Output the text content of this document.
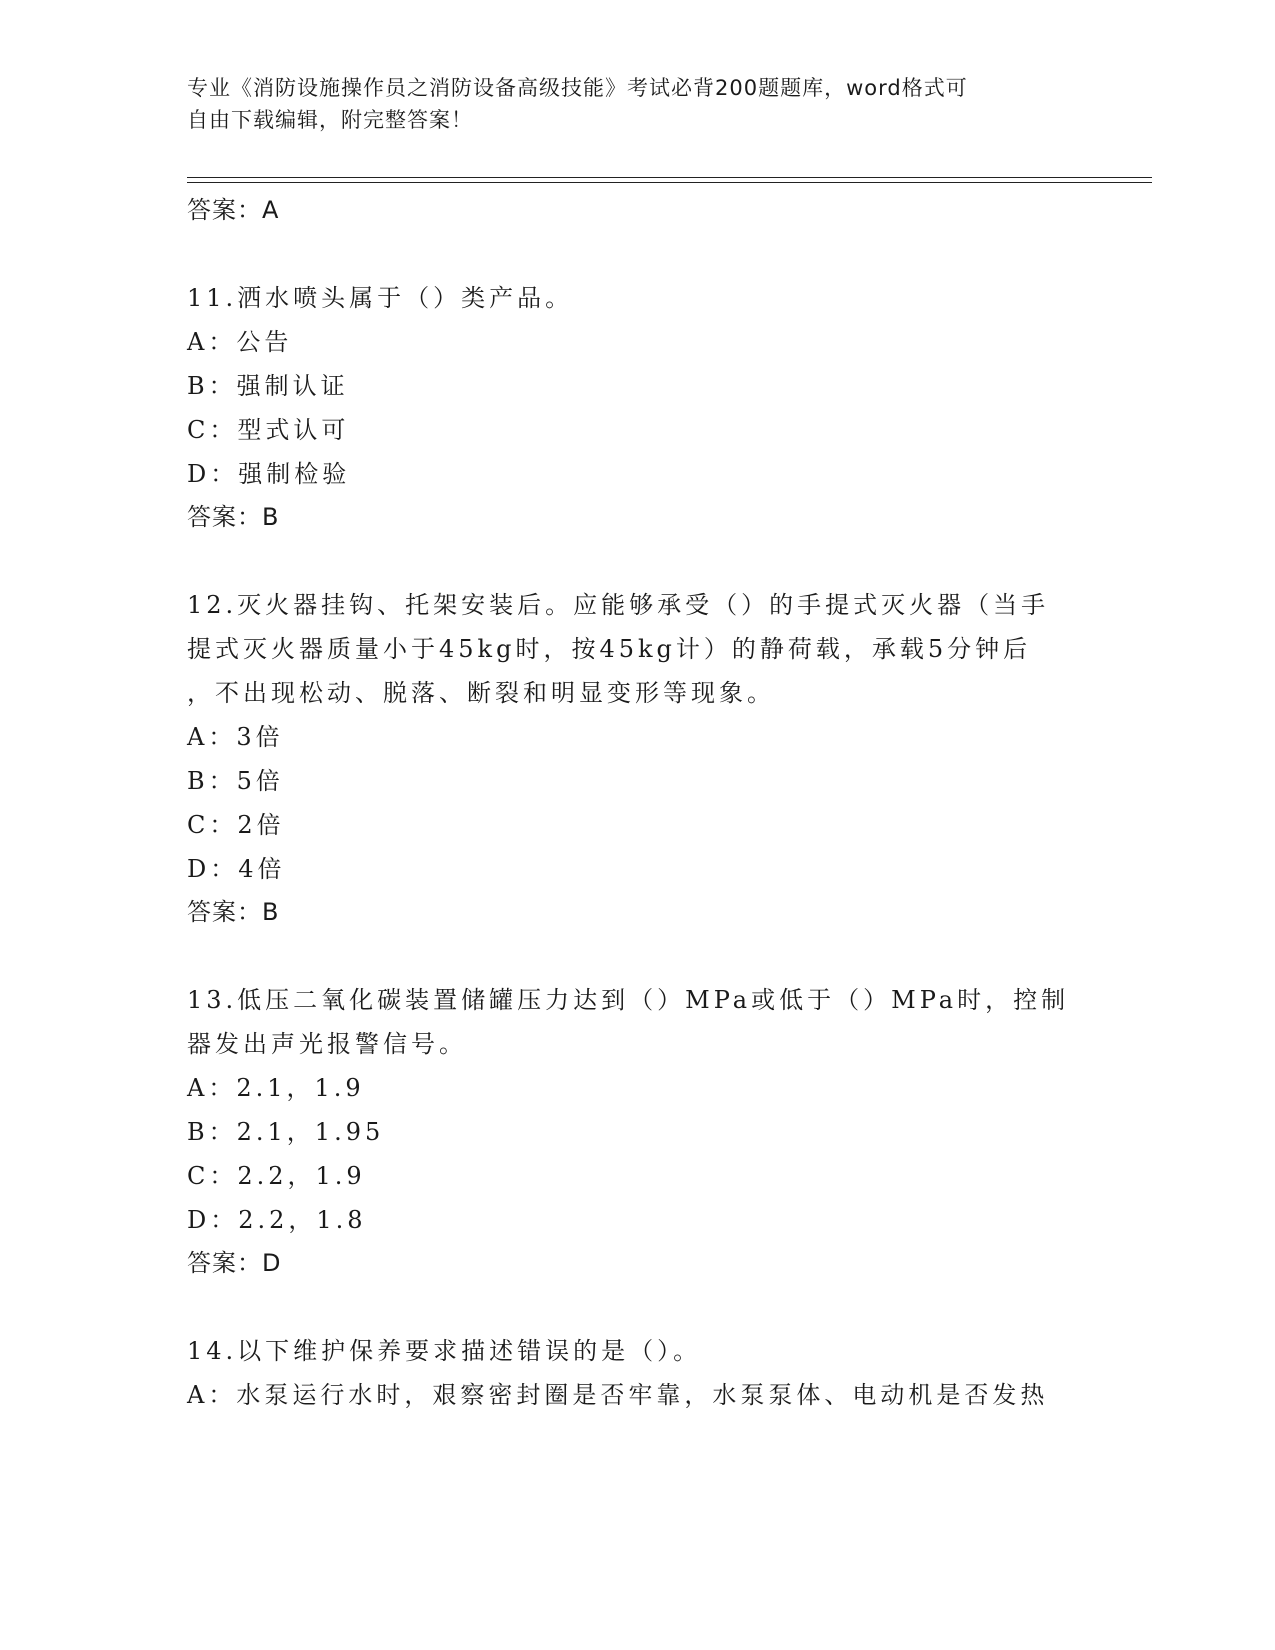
专业《消防设施操作员之消防设备高级技能》考试必背200题题库，word格式可
自由下载编辑，附完整答案！
答案：A
11.洒水喷头属于（）类产品。
A：公告
B：强制认证
C：型式认可
D：强制检验
答案：B
12.灭火器挂钩、托架安装后。应能够承受（）的手提式灭火器（当手
提式灭火器质量小于45kg时，按45kg计）的静荷载，承载5分钟后
，不出现松动、脱落、断裂和明显变形等现象。
A：3倍
B：5倍
C：2倍
D：4倍
答案：B
13.低压二氧化碳装置储罐压力达到（）MPa或低于（）MPa时，控制
器发出声光报警信号。
A：2.1，1.9
B：2.1，1.95
C：2.2，1.9
D：2.2，1.8
答案：D
14.以下维护保养要求描述错误的是（）。
A：水泵运行水时，艰察密封圈是否牢靠，水泵泵体、电动机是否发热
